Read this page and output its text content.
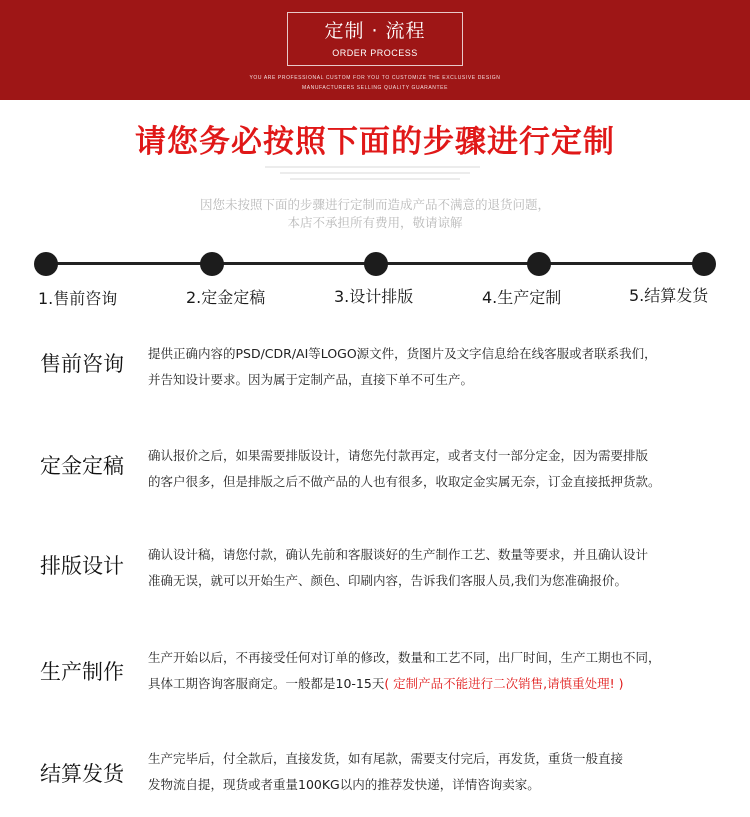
定制 · 流程
ORDER PROCESS
YOU ARE PROFESSIONAL CUSTOM FOR YOU TO CUSTOMIZE THE EXCLUSIVE DESIGN
MANUFACTURERS SELLING QUALITY GUARANTEE
请您务必按照下面的步骤进行定制
因您未按照下面的步骤进行定制而造成产品不满意的退货问题，
本店不承担所有费用，敬请谅解
1.售前咨询	2.定金定稿	3.设计排版	4.生产定制	5.结算发货
售前咨询 提供正确内容的PSD/CDR/AI等LOGO源文件，货图片及文字信息给在线客服或者联系我们，
并告知设计要求。因为属于定制产品，直接下单不可生产。
定金定稿 确认报价之后，如果需要排版设计，请您先付款再定，或者支付一部分定金，因为需要排版
的客户很多，但是排版之后不做产品的人也有很多，收取定金实属无奈，订金直接抵押货款。
排版设计 确认设计稿，请您付款，确认先前和客服谈好的生产制作工艺、数量等要求，并且确认设计
准确无误，就可以开始生产、颜色、印刷内容，告诉我们客服人员,我们为您准确报价。
生产制作
生产开始以后，不再接受任何对订单的修改，数量和工艺不同，出厂时间，生产工期也不同，
具体工期咨询客服商定。一般都是10-15天( 定制产品不能进行二次销售,请慎重处理! )
结算发货
生产完毕后，付全款后，直接发货，如有尾款，需要支付完后，再发货，重货一般直接
发物流自提，现货或者重量100KG以内的推荐发快递，详情咨询卖家。
